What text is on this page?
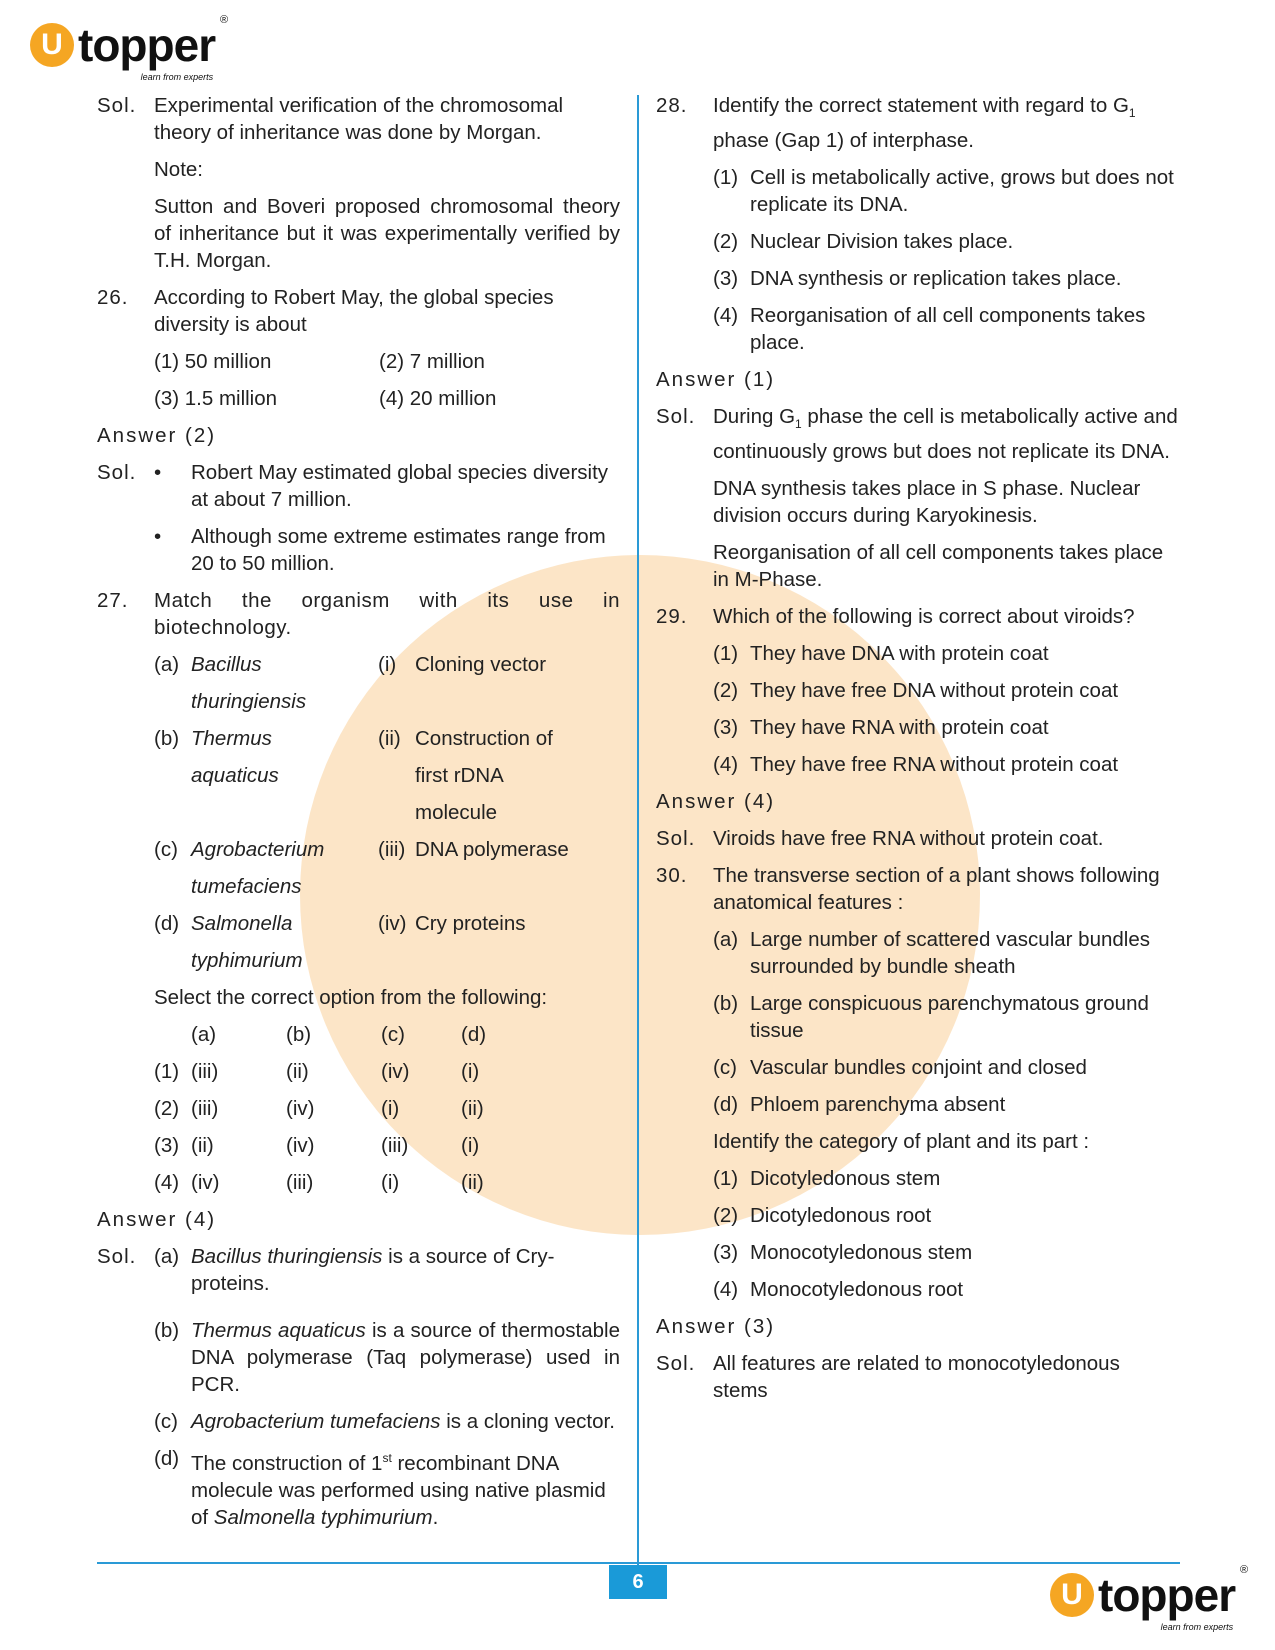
U topper ®
learn from experts
Sol. Experimental verification of the chromosomal theory of inheritance was done by Morgan.
Note:
Sutton and Boveri proposed chromosomal theory of inheritance but it was experimentally verified by T.H. Morgan.
26.	According to Robert May, the global species diversity is about
(1) 50 million	(2) 7 million
(3) 1.5 million	(4) 20 million
Answer (2)
Sol. •	Robert May estimated global species diversity at about 7 million.
•	Although some extreme estimates range from 20 to 50 million.
27.	Match the organism with its use in biotechnology.
(a) Bacillus	(i) Cloning vector
thuringiensis
(b) Thermus	(ii) Construction of
aquaticus	first rDNA
molecule
(c) Agrobacterium	(iii) DNA polymerase
tumefaciens
(d) Salmonella	(iv) Cry proteins
typhimurium
Select the correct option from the following:
(a)	(b)	(c)	(d)
(1) (iii)	(ii)	(iv)	(i)
(2) (iii)	(iv)	(i)	(ii)
(3) (ii)	(iv)	(iii)	(i)
(4) (iv)	(iii)	(i)	(ii)
Answer (4)
Sol. (a) Bacillus thuringiensis is a source of Cry-proteins.
(b) Thermus aquaticus is a source of thermostable DNA polymerase (Taq polymerase) used in PCR.
(c) Agrobacterium tumefaciens is a cloning vector.
(d) The construction of 1st recombinant DNA molecule was performed using native plasmid of Salmonella typhimurium.
28.	Identify the correct statement with regard to $G_1$ phase (Gap 1) of interphase.
(1) Cell is metabolically active, grows but does not replicate its DNA.
(2) Nuclear Division takes place.
(3) DNA synthesis or replication takes place.
(4) Reorganisation of all cell components takes place.
Answer (1)
Sol. During $G_1$ phase the cell is metabolically active and continuously grows but does not replicate its DNA.
DNA synthesis takes place in S phase. Nuclear division occurs during Karyokinesis.
Reorganisation of all cell components takes place in M-Phase.
29.	Which of the following is correct about viroids?
(1) They have DNA with protein coat
(2) They have free DNA without protein coat
(3) They have RNA with protein coat
(4) They have free RNA without protein coat
Answer (4)
Sol. Viroids have free RNA without protein coat.
30.	The transverse section of a plant shows following anatomical features :
(a) Large number of scattered vascular bundles surrounded by bundle sheath
(b) Large conspicuous parenchymatous ground tissue
(c) Vascular bundles conjoint and closed
(d) Phloem parenchyma absent
Identify the category of plant and its part :
(1) Dicotyledonous stem
(2) Dicotyledonous root
(3) Monocotyledonous stem
(4) Monocotyledonous root
Answer (3)
Sol. All features are related to monocotyledonous stems
6	U topper ®
learn from experts
